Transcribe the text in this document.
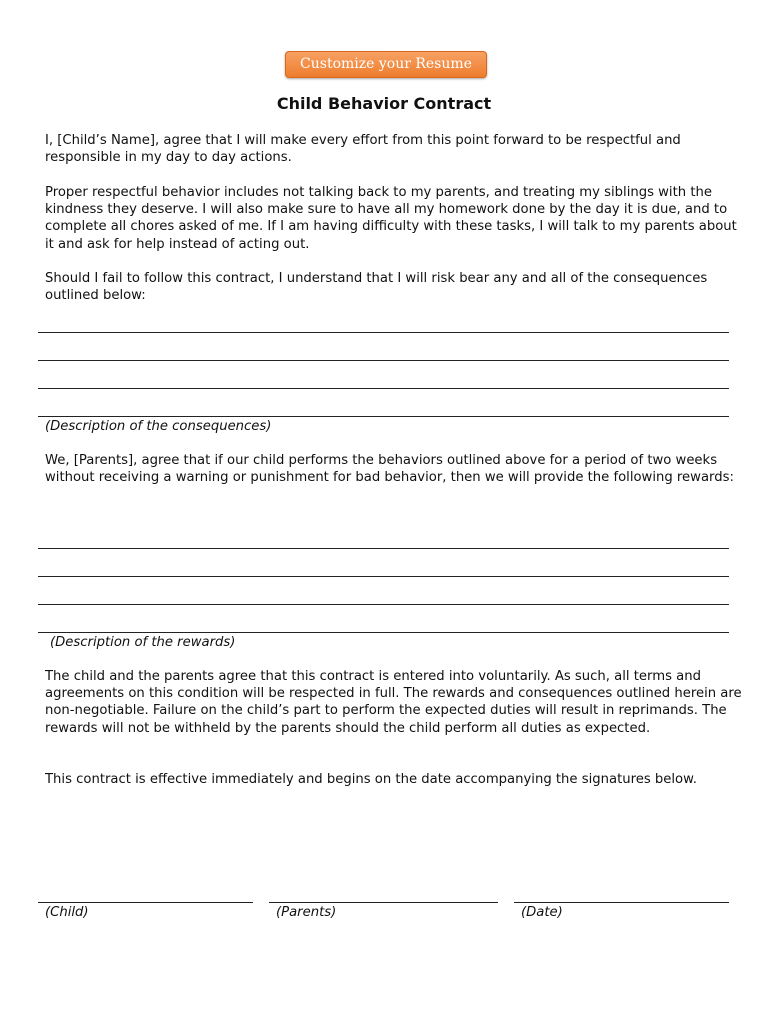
Customize your Resume
Child Behavior Contract

I, [Child’s Name], agree that I will make every effort from this point forward to be respectful and responsible in my day to day actions.

Proper respectful behavior includes not talking back to my parents, and treating my siblings with the kindness they deserve. I will also make sure to have all my homework done by the day it is due, and to complete all chores asked of me. If I am having difficulty with these tasks, I will talk to my parents about it and ask for help instead of acting out.

Should I fail to follow this contract, I understand that I will risk bear any and all of the consequences outlined below:

(Description of the consequences)

We, [Parents], agree that if our child performs the behaviors outlined above for a period of two weeks without receiving a warning or punishment for bad behavior, then we will provide the following rewards:

(Description of the rewards)

The child and the parents agree that this contract is entered into voluntarily. As such, all terms and agreements on this condition will be respected in full. The rewards and consequences outlined herein are non-negotiable. Failure on the child’s part to perform the expected duties will result in reprimands. The rewards will not be withheld by the parents should the child perform all duties as expected.

This contract is effective immediately and begins on the date accompanying the signatures below.

(Child)	(Parents)	(Date)
